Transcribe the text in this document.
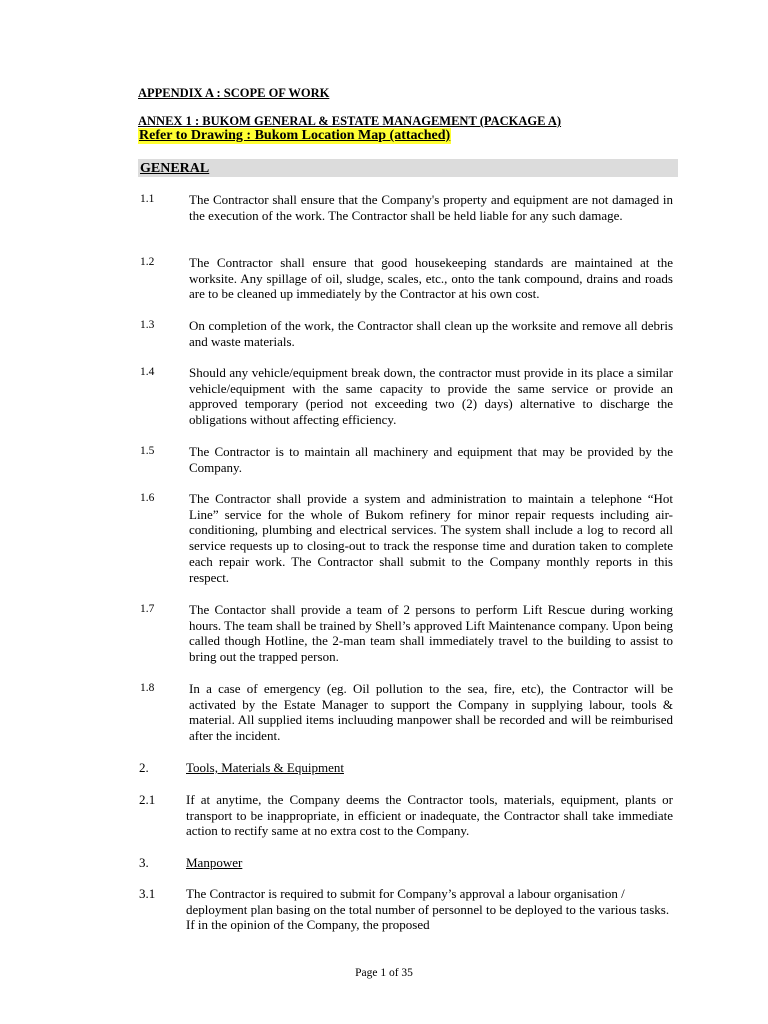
APPENDIX A : SCOPE OF WORK
ANNEX 1 : BUKOM GENERAL & ESTATE MANAGEMENT (PACKAGE A)
Refer to Drawing : Bukom Location Map (attached)
GENERAL
1.1	The Contractor shall ensure that the Company's property and equipment are not damaged in the execution of the work. The Contractor shall be held liable for any such damage.
1.2	The Contractor shall ensure that good housekeeping standards are maintained at the worksite. Any spillage of oil, sludge, scales, etc., onto the tank compound, drains and roads are to be cleaned up immediately by the Contractor at his own cost.
1.3	On completion of the work, the Contractor shall clean up the worksite and remove all debris and waste materials.
1.4	Should any vehicle/equipment break down, the contractor must provide in its place a similar vehicle/equipment with the same capacity to provide the same service or provide an approved temporary (period not exceeding two (2) days) alternative to discharge the obligations without affecting efficiency.
1.5	The Contractor is to maintain all machinery and equipment that may be provided by the Company.
1.6	The Contractor shall provide a system and administration to maintain a telephone “Hot Line” service for the whole of Bukom refinery for minor repair requests including air-conditioning, plumbing and electrical services. The system shall include a log to record all service requests up to closing-out to track the response time and duration taken to complete each repair work. The Contractor shall submit to the Company monthly reports in this respect.
1.7	The Contactor shall provide a team of 2 persons to perform Lift Rescue during working hours. The team shall be trained by Shell’s approved Lift Maintenance company. Upon being called though Hotline, the 2-man team shall immediately travel to the building to assist to bring out the trapped person.
1.8	In a case of emergency (eg. Oil pollution to the sea, fire, etc), the Contractor will be activated by the Estate Manager to support the Company in supplying labour, tools & material. All supplied items incluuding manpower shall be recorded and will be reimburised after the incident.
2.	Tools, Materials & Equipment
2.1 If at anytime, the Company deems the Contractor tools, materials, equipment, plants or transport to be inappropriate, in efficient or inadequate, the Contractor shall take immediate action to rectify same at no extra cost to the Company.
3.	Manpower
3.1 The Contractor is required to submit for Company’s approval a labour organisation / deployment plan basing on the total number of personnel to be deployed to the various tasks. If in the opinion of the Company, the proposed
Page 1 of 35
